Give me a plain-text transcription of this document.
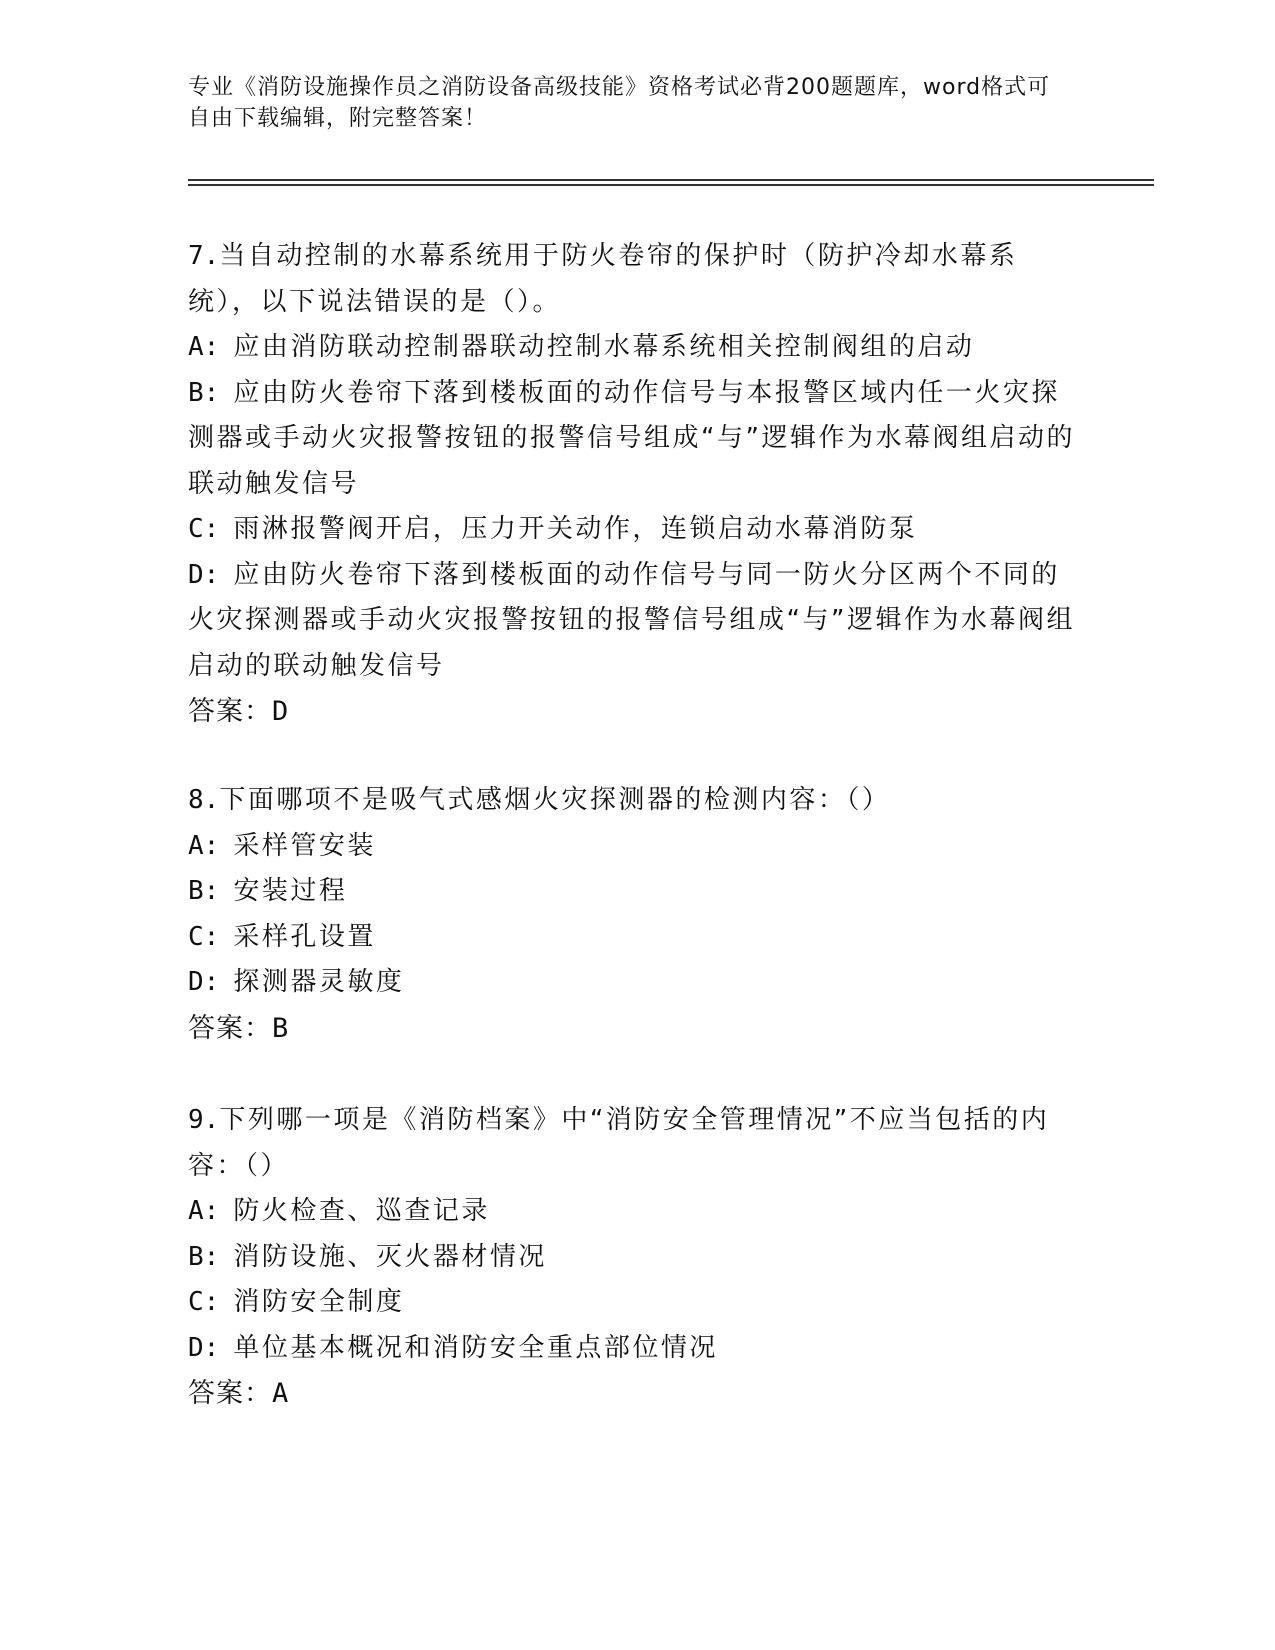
专业《消防设施操作员之消防设备高级技能》资格考试必背200题题库，word格式可自由下载编辑，附完整答案！

7.当自动控制的水幕系统用于防火卷帘的保护时（防护冷却水幕系统），以下说法错误的是（）。

A: 应由消防联动控制器联动控制水幕系统相关控制阀组的启动

B: 应由防火卷帘下落到楼板面的动作信号与本报警区域内任一火灾探测器或手动火灾报警按钮的报警信号组成“与”逻辑作为水幕阀组启动的联动触发信号

C: 雨淋报警阀开启，压力开关动作，连锁启动水幕消防泵

D: 应由防火卷帘下落到楼板面的动作信号与同一防火分区两个不同的火灾探测器或手动火灾报警按钮的报警信号组成“与”逻辑作为水幕阀组启动的联动触发信号

答案：D

8.下面哪项不是吸气式感烟火灾探测器的检测内容：（）

A: 采样管安装

B: 安装过程

C: 采样孔设置

D: 探测器灵敏度

答案：B

9.下列哪一项是《消防档案》中“消防安全管理情况”不应当包括的内容：（）

A: 防火检查、巡查记录

B: 消防设施、灭火器材情况

C: 消防安全制度

D: 单位基本概况和消防安全重点部位情况

答案：A
